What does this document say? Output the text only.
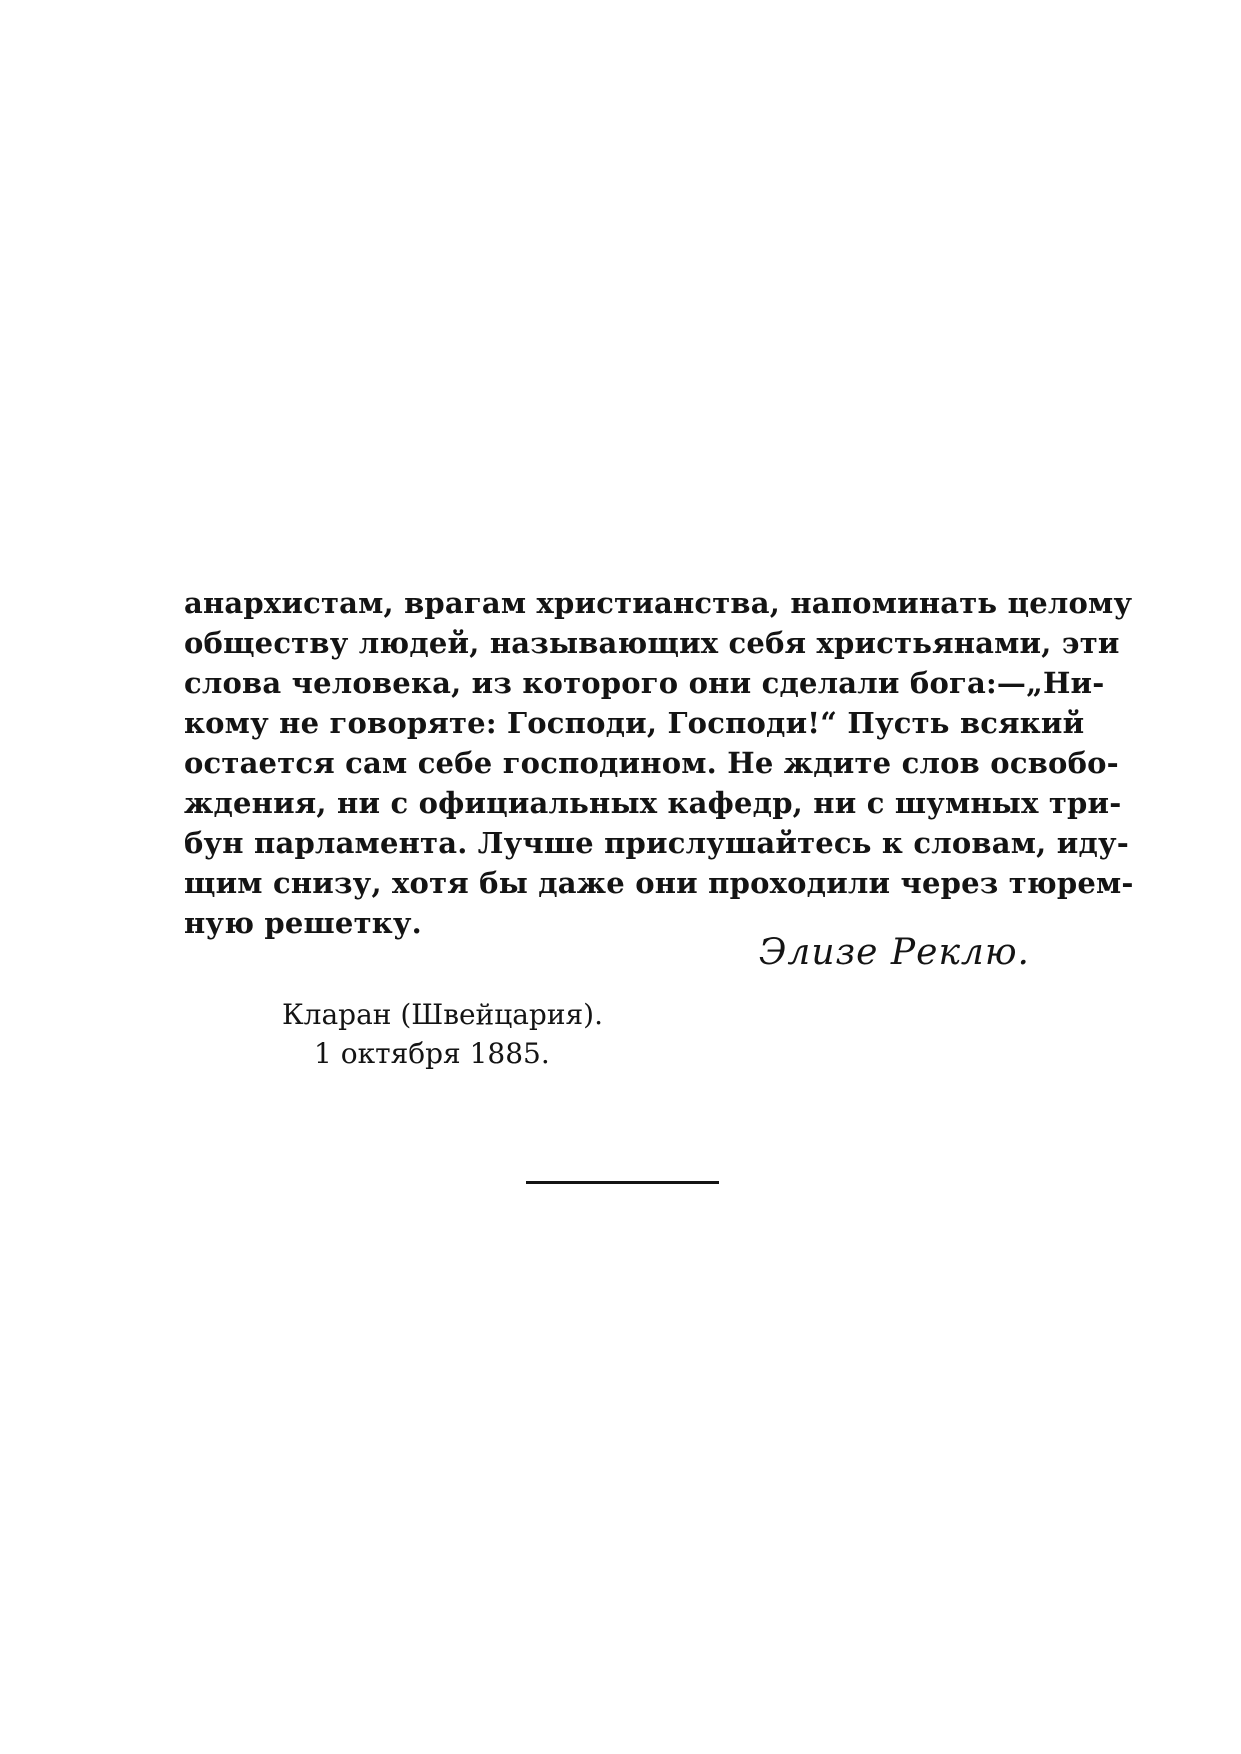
анархистам, врагам христианства, напоминать целому
обществу людей, называющих себя христьянами, эти
слова человека, из которого они сделали бога:—„Ни-
кому не говоряте: Господи, Господи!“ Пусть всякий
остается сам себе господином. Не ждите слов освобо-
ждения, ни с официальных кафедр, ни с шумных три-
бун парламента. Лучше прислушайтесь к словам, иду-
щим снизу, хотя бы даже они проходили через тюрем-
ную решетку.
Элизе Реклю.
Кларан (Швейцария).
1 октября 1885.
